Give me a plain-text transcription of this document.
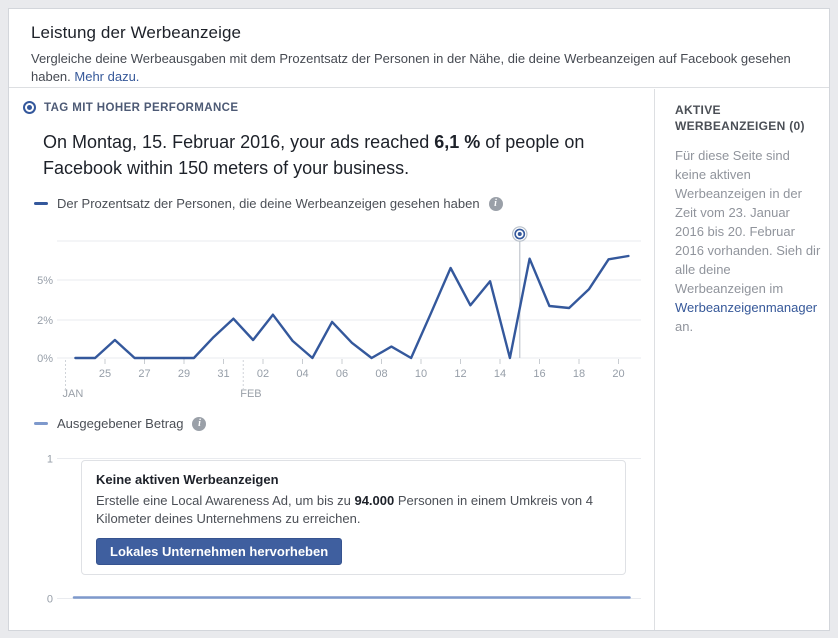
Leistung der Werbeanzeige

Vergleiche deine Werbeausgaben mit dem Prozentsatz der Personen in der Nähe, die deine Werbeanzeigen auf Facebook gesehen haben. Mehr dazu.

TAG MIT HOHER PERFORMANCE
On Montag, 15. Februar 2016, your ads reached 6,1 % of people on Facebook within 150 meters of your business.
Der Prozentsatz der Personen, die deine Werbeanzeigen gesehen haben	i
5%
2%
0%
JAN	FEB
25 27 29 31 02 04 06 08 10 12 14 16 18 20
Ausgegebener Betrag	i
1
0
Keine aktiven Werbeanzeigen

Erstelle eine Local Awareness Ad, um bis zu 94.000 Personen in einem Umkreis von 4 Kilometer deines Unternehmens zu erreichen.

Lokales Unternehmen hervorheben
AKTIVE WERBEANZEIGEN (0)
Für diese Seite sind keine aktiven Werbeanzeigen in der Zeit vom 23. Januar 2016 bis 20. Februar 2016 vorhanden. Sieh dir alle deine Werbeanzeigen im Werbeanzeigenmanager an.
